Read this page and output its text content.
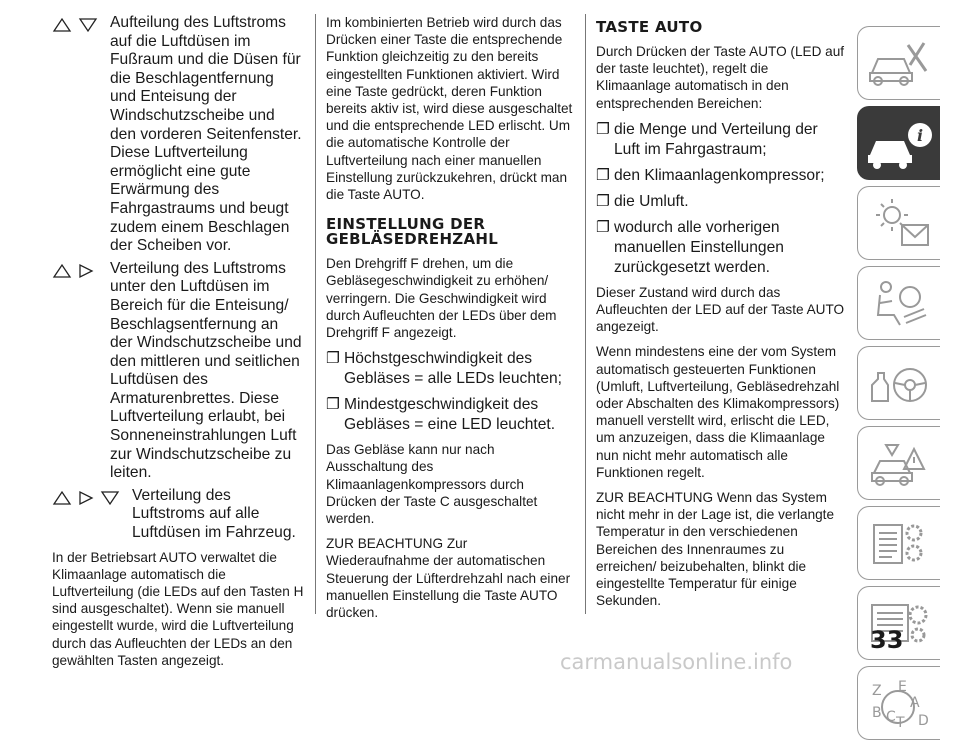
Aufteilung des Luftstroms auf die Luftdüsen im Fußraum und die Düsen für die Beschlagentfernung und Enteisung der Windschutzscheibe und den vorderen Seitenfenster. Diese Luftverteilung ermöglicht eine gute Erwärmung des Fahrgastraums und beugt zudem einem Beschlagen der Scheiben vor.
Verteilung des Luftstroms unter den Luftdüsen im Bereich für die Enteisung/ Beschlagsentfernung an der Windschutzscheibe und den mittleren und seitlichen Luftdüsen des Armaturenbrettes. Diese Luftverteilung erlaubt, bei Sonneneinstrahlungen Luft zur Windschutzscheibe zu leiten.
Verteilung des Luftstroms auf alle Luftdüsen im Fahrzeug.

In der Betriebsart AUTO verwaltet die Klimaanlage automatisch die Luftverteilung (die LEDs auf den Tasten H sind ausgeschaltet). Wenn sie manuell eingestellt wurde, wird die Luftverteilung durch das Aufleuchten der LEDs an den gewählten Tasten angezeigt.

Im kombinierten Betrieb wird durch das Drücken einer Taste die entsprechende Funktion gleichzeitig zu den bereits eingestellten Funktionen aktiviert. Wird eine Taste gedrückt, deren Funktion bereits aktiv ist, wird diese ausgeschaltet und die entsprechende LED erlischt. Um die automatische Kontrolle der Luftverteilung nach einer manuellen Einstellung zurückzukehren, drückt man die Taste AUTO.

EINSTELLUNG DER GEBLÄSEDREHZAHL

Den Drehgriff F drehen, um die Gebläsegeschwindigkeit zu erhöhen/ verringern. Die Geschwindigkeit wird durch Aufleuchten der LEDs über dem Drehgriff F angezeigt.

❐ Höchstgeschwindigkeit des Gebläses = alle LEDs leuchten;
❐ Mindestgeschwindigkeit des Gebläses = eine LED leuchtet.

Das Gebläse kann nur nach Ausschaltung des Klimaanlagenkompressors durch Drücken der Taste C ausgeschaltet werden.

ZUR BEACHTUNG Zur Wiederaufnahme der automatischen Steuerung der Lüfterdrehzahl nach einer manuellen Einstellung die Taste AUTO drücken.

TASTE AUTO

Durch Drücken der Taste AUTO (LED auf der taste leuchtet), regelt die Klimaanlage automatisch in den entsprechenden Bereichen:

❐ die Menge und Verteilung der Luft im Fahrgastraum;
❐ den Klimaanlagenkompressor;
❐ die Umluft.
❐ wodurch alle vorherigen manuellen Einstellungen zurückgesetzt werden.

Dieser Zustand wird durch das Aufleuchten der LED auf der Taste AUTO angezeigt.

Wenn mindestens eine der vom System automatisch gesteuerten Funktionen (Umluft, Luftverteilung, Gebläsedrehzahl oder Abschalten des Klimakompressors) manuell verstellt wird, erlischt die LED, um anzuzeigen, dass die Klimaanlage nun nicht mehr automatisch alle Funktionen regelt.

ZUR BEACHTUNG Wenn das System nicht mehr in der Lage ist, die verlangte Temperatur in den verschiedenen Bereichen des Innenraumes zu erreichen/ beizubehalten, blinkt die eingestellte Temperatur für einige Sekunden.

i
Z E
A
B C T D
33
carmanualsonline.info
